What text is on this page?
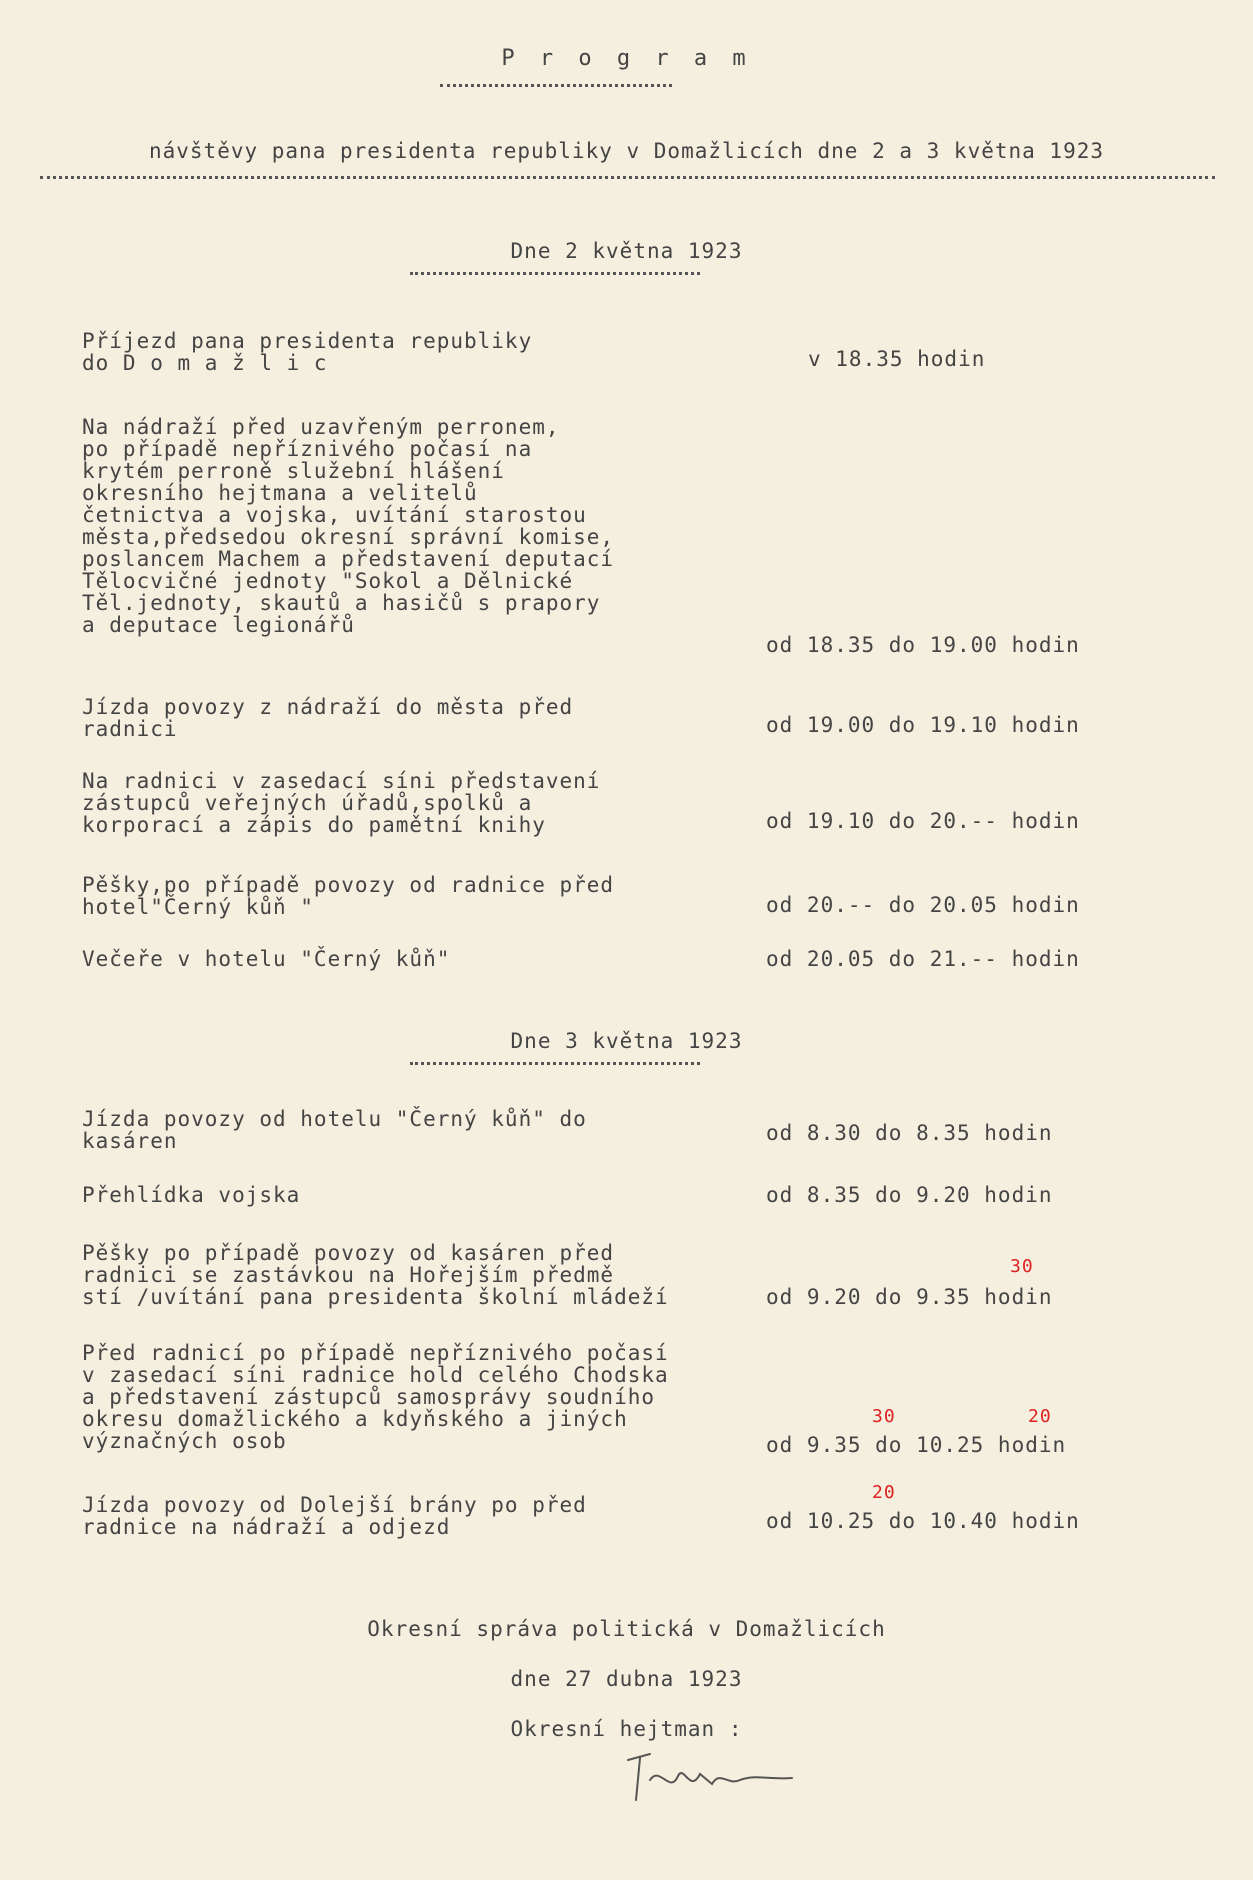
P r o g r a m
návštěvy pana presidenta republiky v Domažlicích dne 2 a 3 května 1923
Dne 2 května 1923
Příjezd pana presidenta republiky
do D o m a ž l i c	v 18.35 hodin
Na nádraží před uzavřeným perronem,
po případě nepříznivého počasí na
krytém perroně služební hlášení
okresního hejtmana a velitelů
četnictva a vojska, uvítání starostou
města,předsedou okresní správní komise,
poslancem Machem a představení deputací
Tělocvičné jednoty "Sokol a Dělnické
Těl.jednoty, skautů a hasičů s prapory
a deputace legionářů
od 18.35 do 19.00 hodin
Jízda povozy z nádraží do města před
radnici	od 19.00 do 19.10 hodin
Na radnici v zasedací síni představení
zástupců veřejných úřadů,spolků a
korporací a zápis do pamětní knihy	od 19.10 do 20.-- hodin
Pěšky,po případě povozy od radnice před
hotel"Černý kůň "	od 20.-- do 20.05 hodin
Večeře v hotelu "Černý kůň"	od 20.05 do 21.-- hodin
Dne 3 května 1923
Jízda povozy od hotelu "Černý kůň" do
kasáren	od 8.30 do 8.35 hodin
Přehlídka vojska	od 8.35 do 9.20 hodin
Pěšky po případě povozy od kasáren před
radnici se zastávkou na Hořejším předmě
stí /uvítání pana presidenta školní mládeží	od 9.20 do 9.35 hodin
30
Před radnicí po případě nepříznivého počasí
v zasedací síni radnice hold celého Chodska
a představení zástupců samosprávy soudního
okresu domažlického a kdyňského a jiných
význačných osob	od 9.35 do 10.25 hodin
30	20
Jízda povozy od Dolejší brány po před
radnice na nádraží a odjezd	od 10.25 do 10.40 hodin
20
Okresní správa politická v Domažlicích
dne 27 dubna 1923
Okresní hejtman :
